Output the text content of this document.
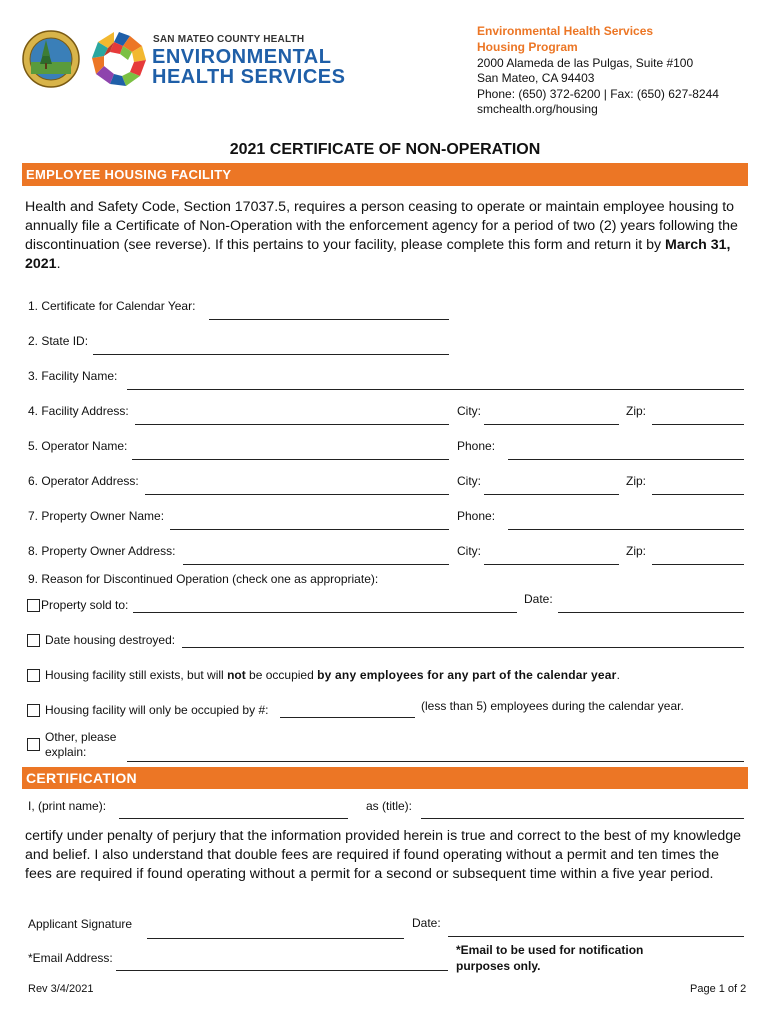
SAN MATEO COUNTY HEALTH
ENVIRONMENTAL
HEALTH SERVICES
Environmental Health Services
Housing Program
2000 Alameda de las Pulgas, Suite #100
San Mateo, CA 94403
Phone: (650) 372-6200 | Fax: (650) 627-8244
smchealth.org/housing
2021 CERTIFICATE OF NON-OPERATION
EMPLOYEE HOUSING FACILITY
Health and Safety Code, Section 17037.5, requires a person ceasing to operate or maintain employee housing to annually file a Certificate of Non-Operation with the enforcement agency for a period of two (2) years following the discontinuation (see reverse). If this pertains to your facility, please complete this form and return it by March 31, 2021.
1. Certificate for Calendar Year:
2. State ID:
3. Facility Name:
4. Facility Address:	City:	Zip:
5. Operator Name:	Phone:
6. Operator Address:	City:	Zip:
7. Property Owner Name:	Phone:
8. Property Owner Address:	City:	Zip:
9. Reason for Discontinued Operation (check one as appropriate):
Property sold to:	Date:
Date housing destroyed:
Housing facility still exists, but will not be occupied by any employees for any part of the calendar year.
Housing facility will only be occupied by #:	(less than 5) employees during the calendar year.
Other, please
explain:
CERTIFICATION
I, (print name):	as (title):
certify under penalty of perjury that the information provided herein is true and correct to the best of my knowledge and belief. I also understand that double fees are required if found operating without a permit and ten times the fees are required if found operating without a permit for a second or subsequent time within a five year period.
Applicant Signature	Date:
*Email Address:
*Email to be used for notification
purposes only.
Rev 3/4/2021	Page 1 of 2
